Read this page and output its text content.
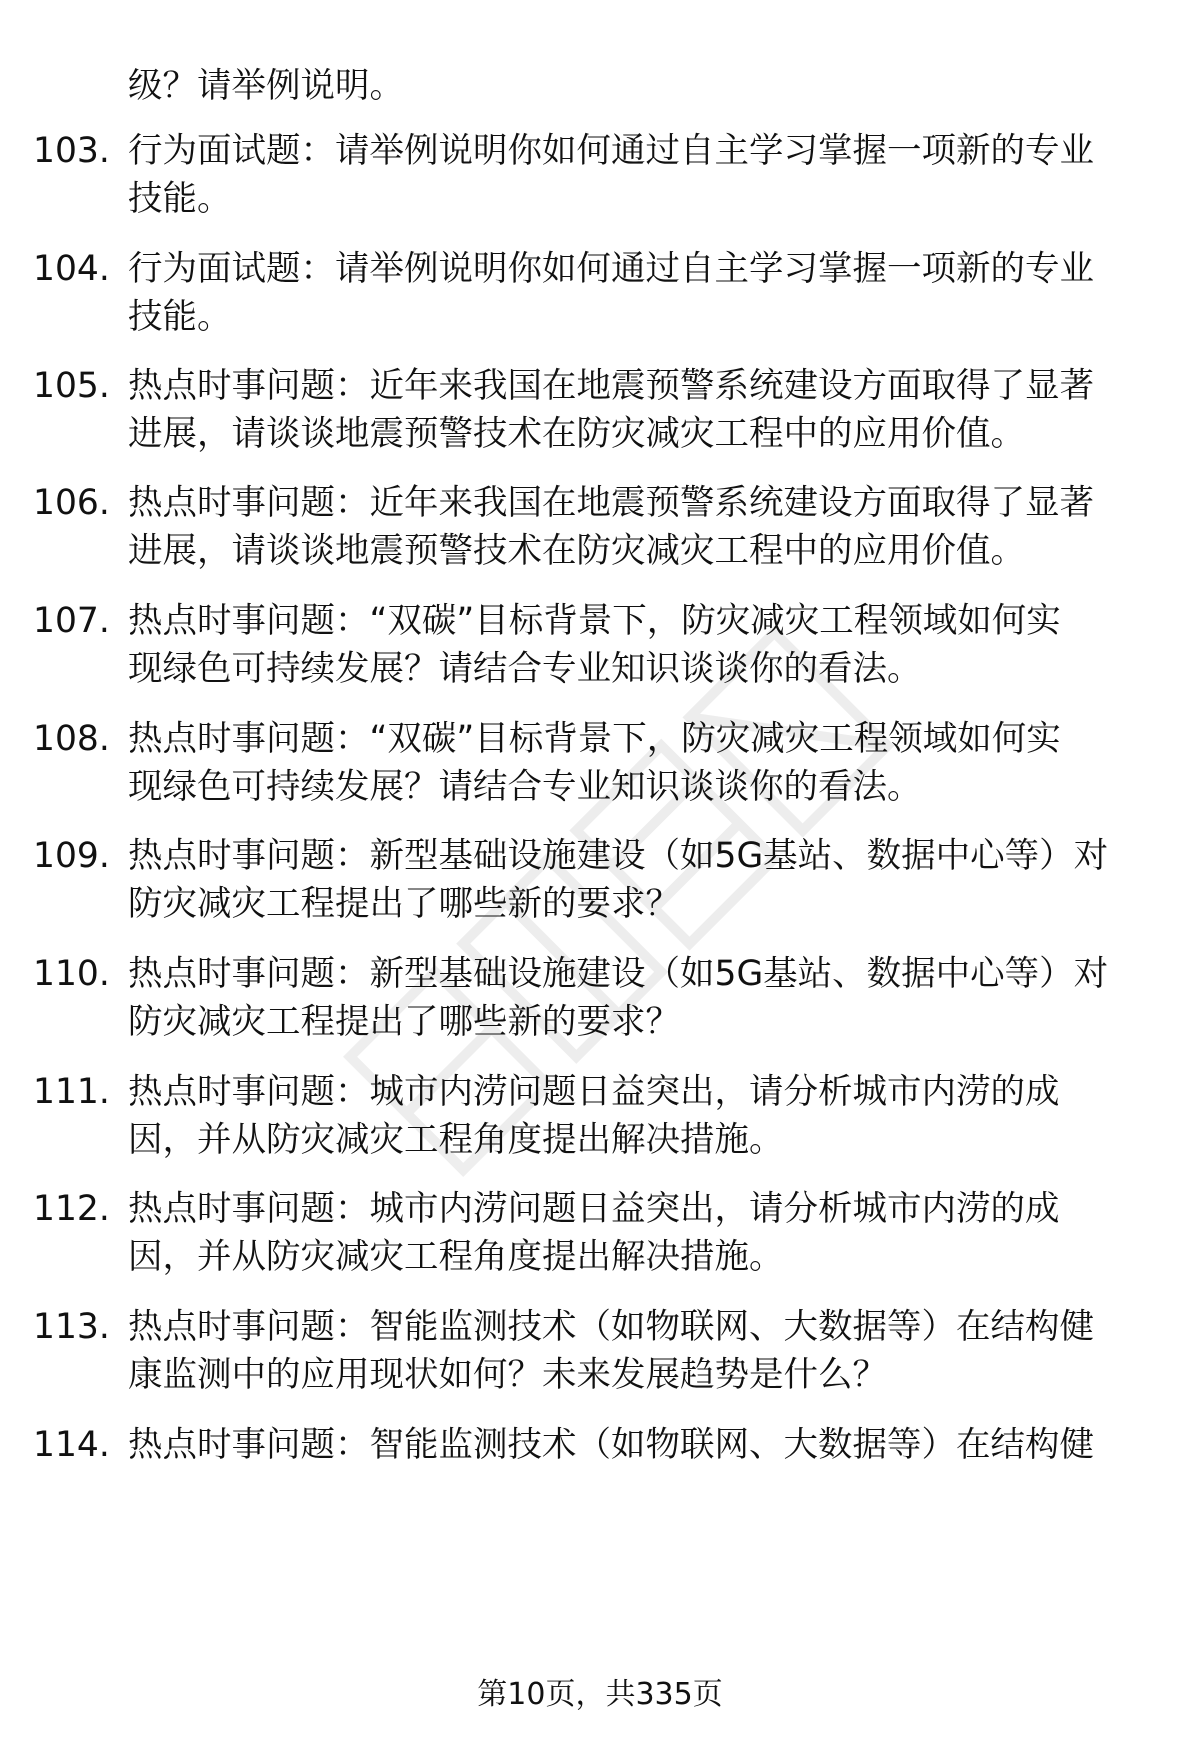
级？请举例说明。
103. 行为面试题：请举例说明你如何通过自主学习掌握一项新的专业
技能。
104. 行为面试题：请举例说明你如何通过自主学习掌握一项新的专业
技能。
105. 热点时事问题：近年来我国在地震预警系统建设方面取得了显著
进展，请谈谈地震预警技术在防灾减灾工程中的应用价值。
106. 热点时事问题：近年来我国在地震预警系统建设方面取得了显著
进展，请谈谈地震预警技术在防灾减灾工程中的应用价值。
107. 热点时事问题：“双碳”目标背景下，防灾减灾工程领域如何实
现绿色可持续发展？请结合专业知识谈谈你的看法。
108. 热点时事问题：“双碳”目标背景下，防灾减灾工程领域如何实
现绿色可持续发展？请结合专业知识谈谈你的看法。
109. 热点时事问题：新型基础设施建设（如5G基站、数据中心等）对
防灾减灾工程提出了哪些新的要求？
110. 热点时事问题：新型基础设施建设（如5G基站、数据中心等）对
防灾减灾工程提出了哪些新的要求？
111. 热点时事问题：城市内涝问题日益突出，请分析城市内涝的成
因，并从防灾减灾工程角度提出解决措施。
112. 热点时事问题：城市内涝问题日益突出，请分析城市内涝的成
因，并从防灾减灾工程角度提出解决措施。
113. 热点时事问题：智能监测技术（如物联网、大数据等）在结构健
康监测中的应用现状如何？未来发展趋势是什么？
114. 热点时事问题：智能监测技术（如物联网、大数据等）在结构健
第10页，共335页
